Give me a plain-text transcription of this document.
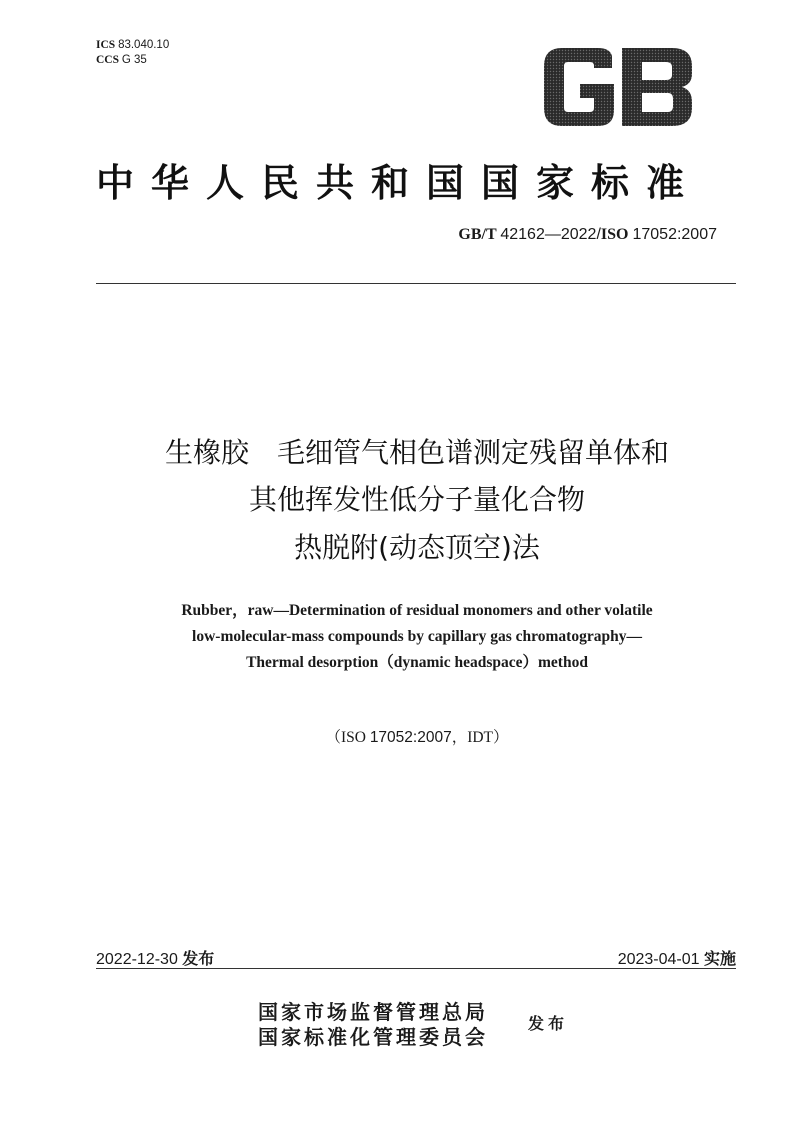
ICS 83.040.10
CCS G 35
中华人民共和国国家标准
GB/T 42162—2022/ISO 17052:2007
生橡胶　毛细管气相色谱测定残留单体和
其他挥发性低分子量化合物
热脱附(动态顶空)法
Rubber，raw—Determination of residual monomers and other volatile
low-molecular-mass compounds by capillary gas chromatography—
Thermal desorption（dynamic headspace）method
（ISO 17052:2007，IDT）
2022-12-30 发布	2023-04-01 实施
国家市场监督管理总局
国家标准化管理委员会
发布
